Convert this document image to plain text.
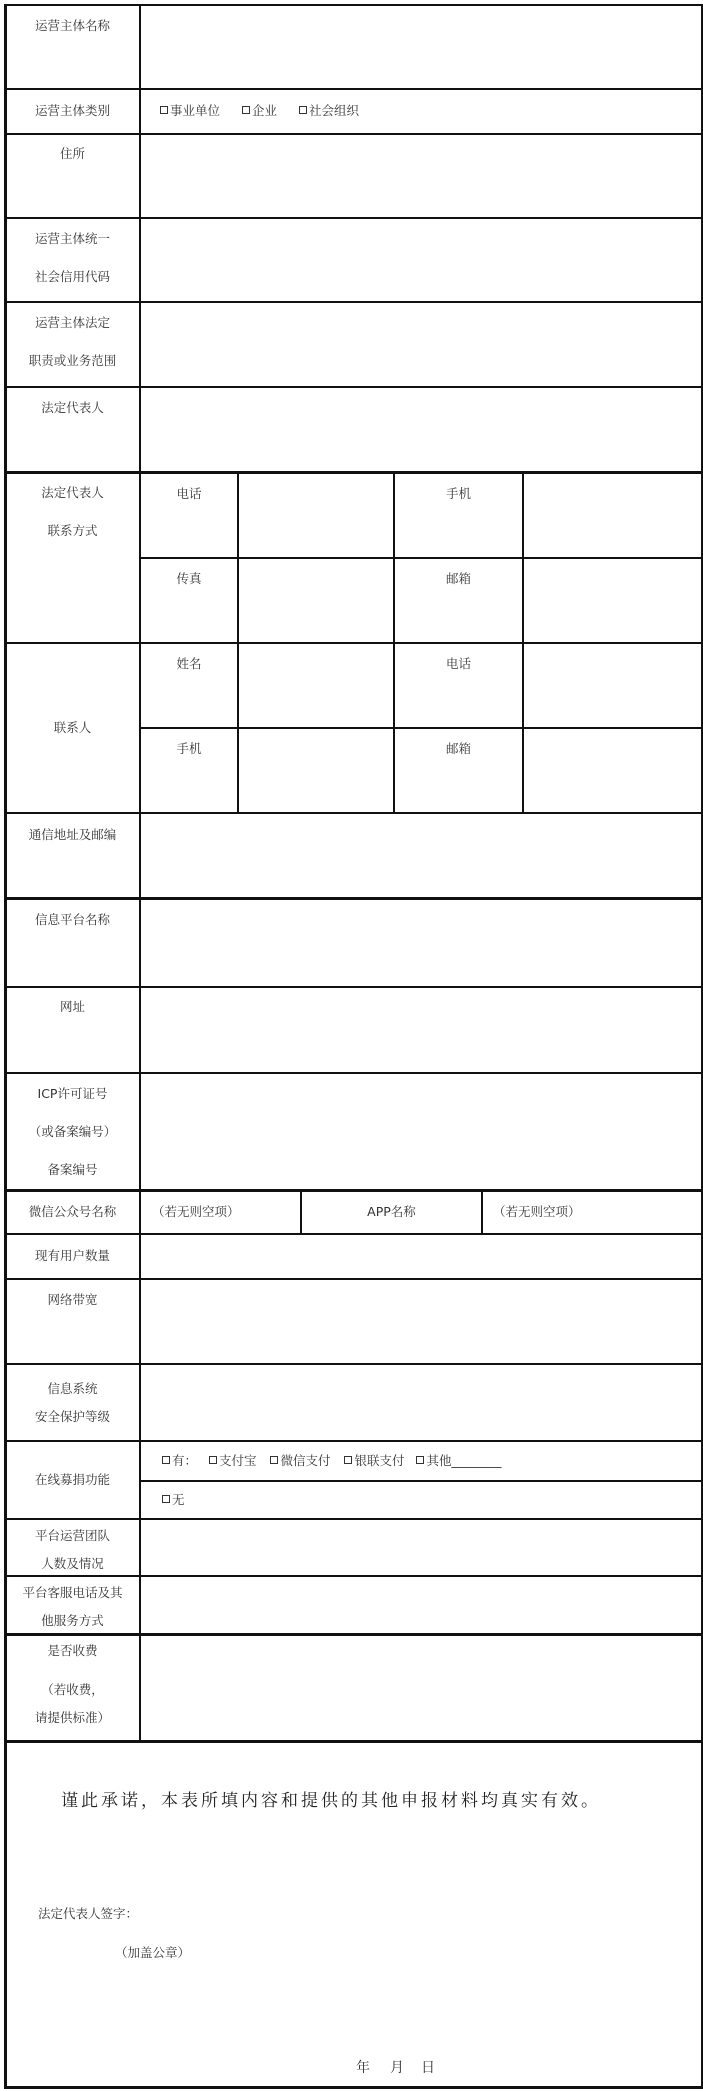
运营主体名称
运营主体类别	事业单位	企业	社会组织
住所
运营主体统一
社会信用代码
运营主体法定
职责或业务范围
法定代表人
法定代表人
联系方式
电话	手机
传真	邮箱
联系人
姓名	电话
手机	邮箱
通信地址及邮编
信息平台名称
网址
ICP许可证号
（或备案编号）
备案编号
微信公众号名称	（若无则空项）	APP名称	（若无则空项）
现有用户数量
网络带宽
信息系统
安全保护等级
在线募捐功能
有： 支付宝 微信支付 银联支付 其他________
无
平台运营团队
人数及情况
平台客服电话及其
他服务方式
是否收费
（若收费，
请提供标准）
谨此承诺，本表所填内容和提供的其他申报材料均真实有效。
法定代表人签字：
（加盖公章）
年 月 日
